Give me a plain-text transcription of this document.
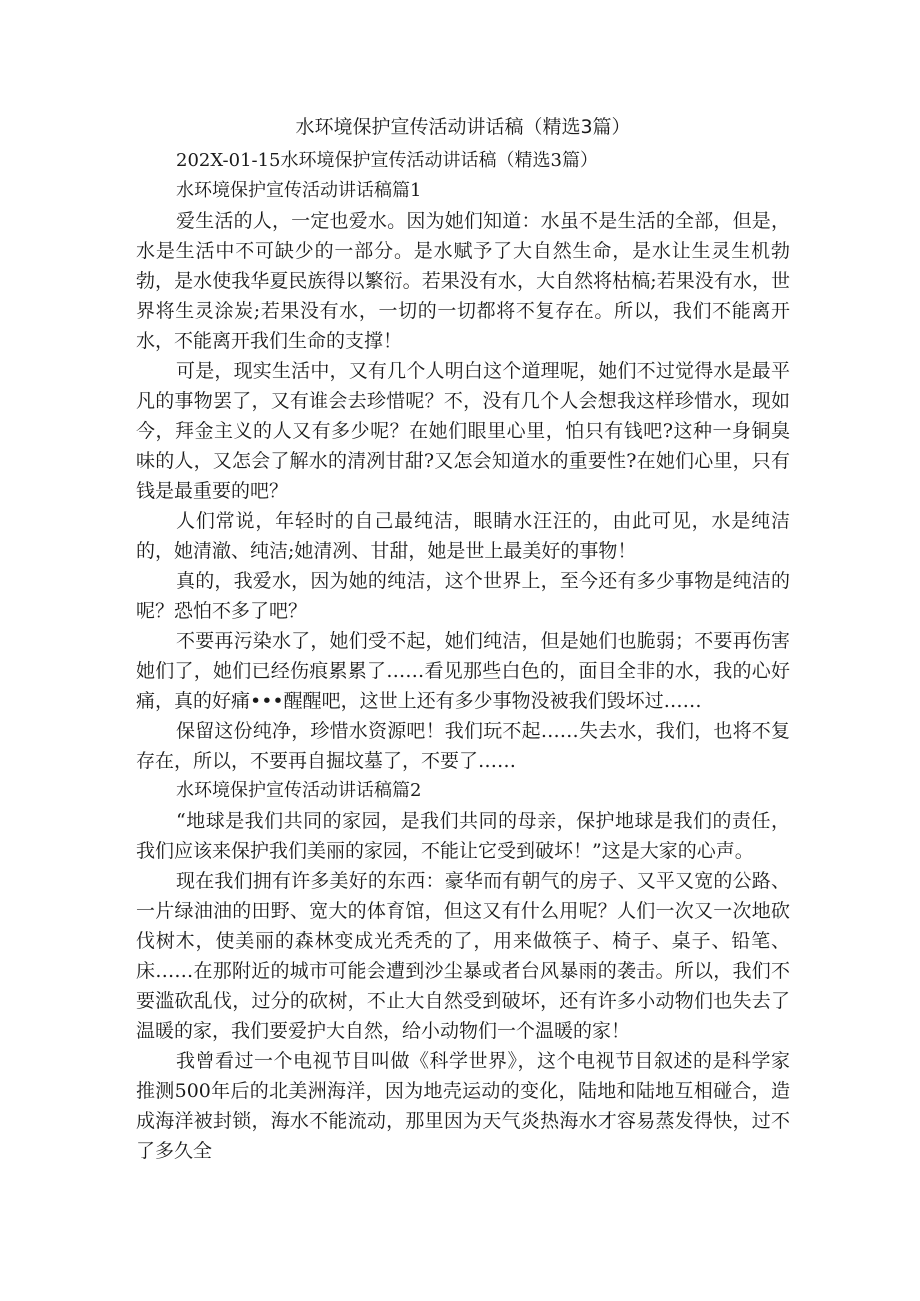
水环境保护宣传活动讲话稿（精选3篇）

202X-01-15水环境保护宣传活动讲话稿（精选3篇）

水环境保护宣传活动讲话稿篇1

爱生活的人，一定也爱水。因为她们知道：水虽不是生活的全部，但是，水是生活中不可缺少的一部分。是水赋予了大自然生命，是水让生灵生机勃勃，是水使我华夏民族得以繁衍。若果没有水，大自然将枯槁;若果没有水，世界将生灵涂炭;若果没有水，一切的一切都将不复存在。所以，我们不能离开水，不能离开我们生命的支撑！

可是，现实生活中，又有几个人明白这个道理呢，她们不过觉得水是最平凡的事物罢了，又有谁会去珍惜呢？不，没有几个人会想我这样珍惜水，现如今，拜金主义的人又有多少呢？在她们眼里心里，怕只有钱吧?这种一身铜臭味的人，又怎会了解水的清冽甘甜?又怎会知道水的重要性?在她们心里，只有钱是最重要的吧？

人们常说，年轻时的自己最纯洁，眼睛水汪汪的，由此可见，水是纯洁的，她清澈、纯洁;她清冽、甘甜，她是世上最美好的事物！

真的，我爱水，因为她的纯洁，这个世界上，至今还有多少事物是纯洁的呢？恐怕不多了吧？

不要再污染水了，她们受不起，她们纯洁，但是她们也脆弱；不要再伤害她们了，她们已经伤痕累累了……看见那些白色的，面目全非的水，我的心好痛，真的好痛•••醒醒吧，这世上还有多少事物没被我们毁坏过……

保留这份纯净，珍惜水资源吧！我们玩不起……失去水，我们，也将不复存在，所以，不要再自掘坟墓了，不要了……

水环境保护宣传活动讲话稿篇2

“地球是我们共同的家园，是我们共同的母亲，保护地球是我们的责任，我们应该来保护我们美丽的家园，不能让它受到破坏！”这是大家的心声。

现在我们拥有许多美好的东西：豪华而有朝气的房子、又平又宽的公路、一片绿油油的田野、宽大的体育馆，但这又有什么用呢？人们一次又一次地砍伐树木，使美丽的森林变成光秃秃的了，用来做筷子、椅子、桌子、铅笔、床……在那附近的城市可能会遭到沙尘暴或者台风暴雨的袭击。所以，我们不要滥砍乱伐，过分的砍树，不止大自然受到破坏，还有许多小动物们也失去了温暖的家，我们要爱护大自然，给小动物们一个温暖的家！

我曾看过一个电视节目叫做《科学世界》，这个电视节目叙述的是科学家推测500年后的北美洲海洋，因为地壳运动的变化，陆地和陆地互相碰合，造成海洋被封锁，海水不能流动，那里因为天气炎热海水才容易蒸发得快，过不了多久全
